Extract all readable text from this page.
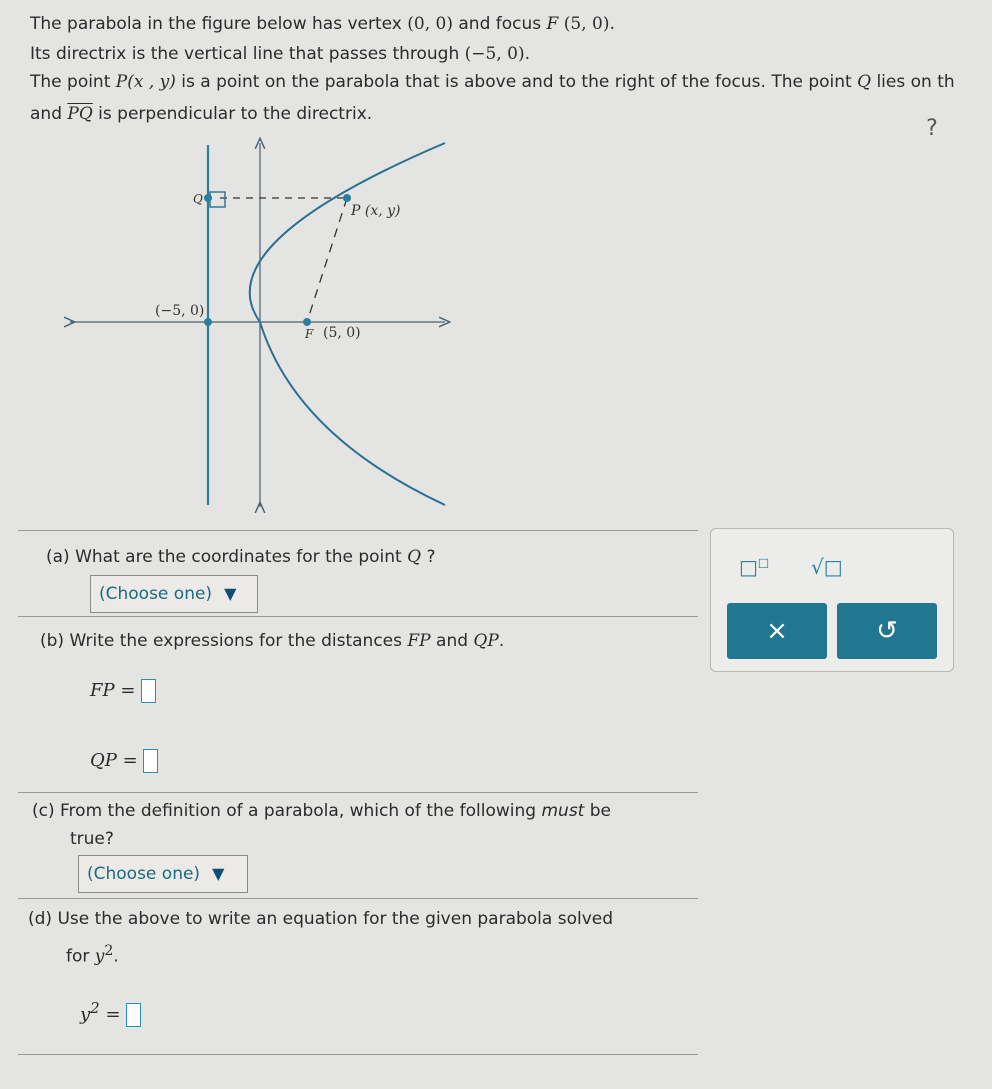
The parabola in the figure below has vertex (0, 0) and focus F (5, 0).
Its directrix is the vertical line that passes through (−5, 0).
The point P(x , y) is a point on the parabola that is above and to the right of the focus. The point Q lies on th
and $\overline{PQ}$ is perpendicular to the directrix.
?
Q
P (x, y)
(−5, 0)
F (5, 0)
(a) What are the coordinates for the point Q ?
(Choose one) ▼
(b) Write the expressions for the distances FP and QP.
FP =
QP =
(c) From the definition of a parabola, which of the following must be
true?
(Choose one) ▼
(d) Use the above to write an equation for the given parabola solved
for $y^2$.
$y^2$ =
□□ √□
×	↺
